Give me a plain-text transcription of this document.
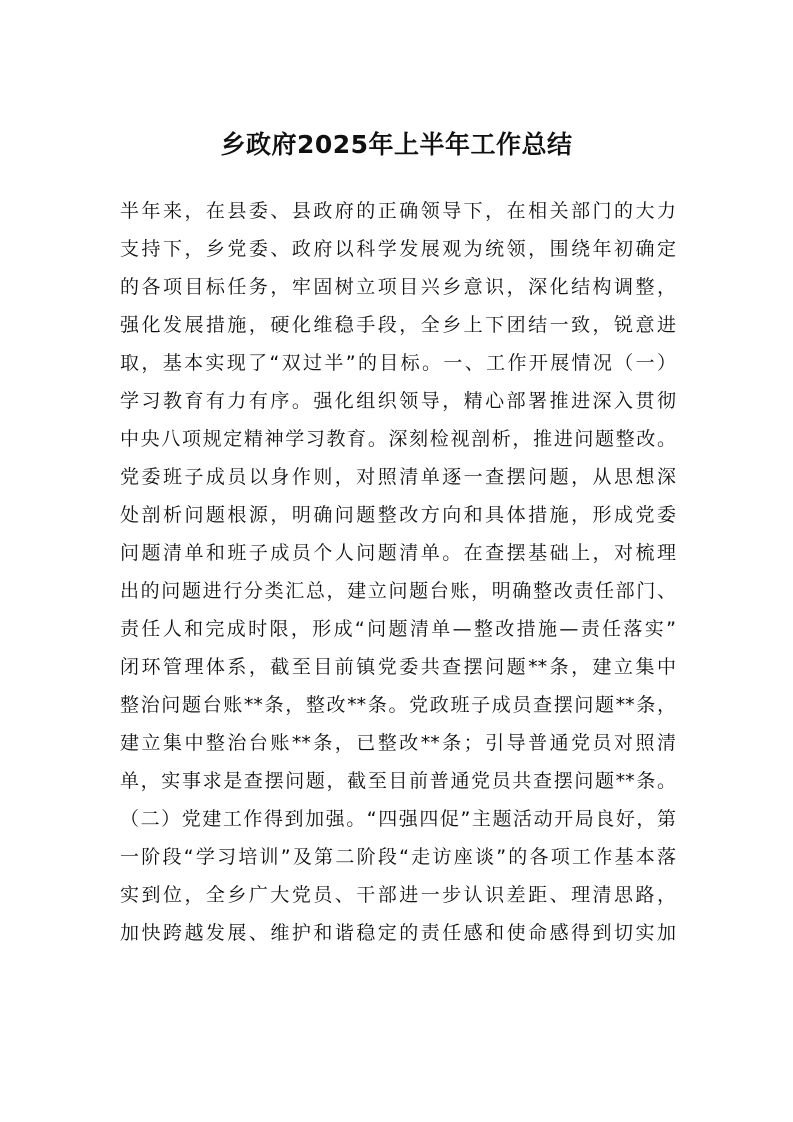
乡政府2025年上半年工作总结
半年来，在县委、县政府的正确领导下，在相关部门的大力
支持下，乡党委、政府以科学发展观为统领，围绕年初确定
的各项目标任务，牢固树立项目兴乡意识，深化结构调整，
强化发展措施，硬化维稳手段，全乡上下团结一致，锐意进
取，基本实现了“双过半”的目标。一、工作开展情况（一）
学习教育有力有序。强化组织领导，精心部署推进深入贯彻
中央八项规定精神学习教育。深刻检视剖析，推进问题整改。
党委班子成员以身作则，对照清单逐一查摆问题，从思想深
处剖析问题根源，明确问题整改方向和具体措施，形成党委
问题清单和班子成员个人问题清单。在查摆基础上，对梳理
出的问题进行分类汇总，建立问题台账，明确整改责任部门、
责任人和完成时限，形成“问题清单—整改措施—责任落实”
闭环管理体系，截至目前镇党委共查摆问题**条，建立集中
整治问题台账**条，整改**条。党政班子成员查摆问题**条，
建立集中整治台账**条，已整改**条；引导普通党员对照清
单，实事求是查摆问题，截至目前普通党员共查摆问题**条。
（二）党建工作得到加强。“四强四促”主题活动开局良好，第
一阶段“学习培训”及第二阶段“走访座谈”的各项工作基本落
实到位，全乡广大党员、干部进一步认识差距、理清思路，
加快跨越发展、维护和谐稳定的责任感和使命感得到切实加
